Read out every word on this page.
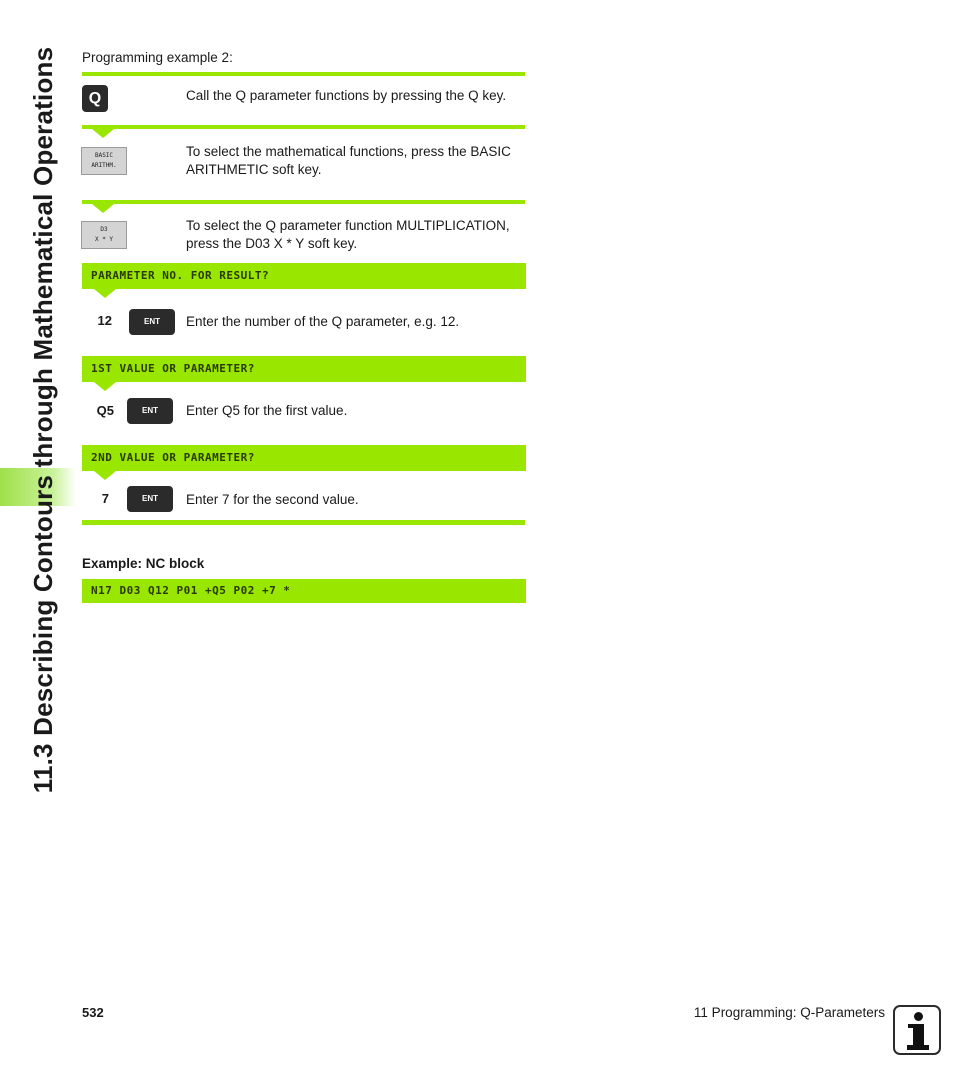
11.3 Describing Contours through Mathematical Operations Programming example 2:
Q	Call the Q parameter functions by pressing the Q key.
BASIC
ARITHM.
To select the mathematical functions, press the BASIC ARITHMETIC soft key.
D3
X * Y
To select the Q parameter function MULTIPLICATION, press the D03 X * Y soft key.
PARAMETER NO. FOR RESULT?
12	ENT	Enter the number of the Q parameter, e.g. 12.
1ST VALUE OR PARAMETER?
Q5	ENT	Enter Q5 for the first value.
2ND VALUE OR PARAMETER?
7	ENT	Enter 7 for the second value.
Example: NC block
N17 D03 Q12 P01 +Q5 P02 +7 *
532	11 Programming: Q-Parameters
